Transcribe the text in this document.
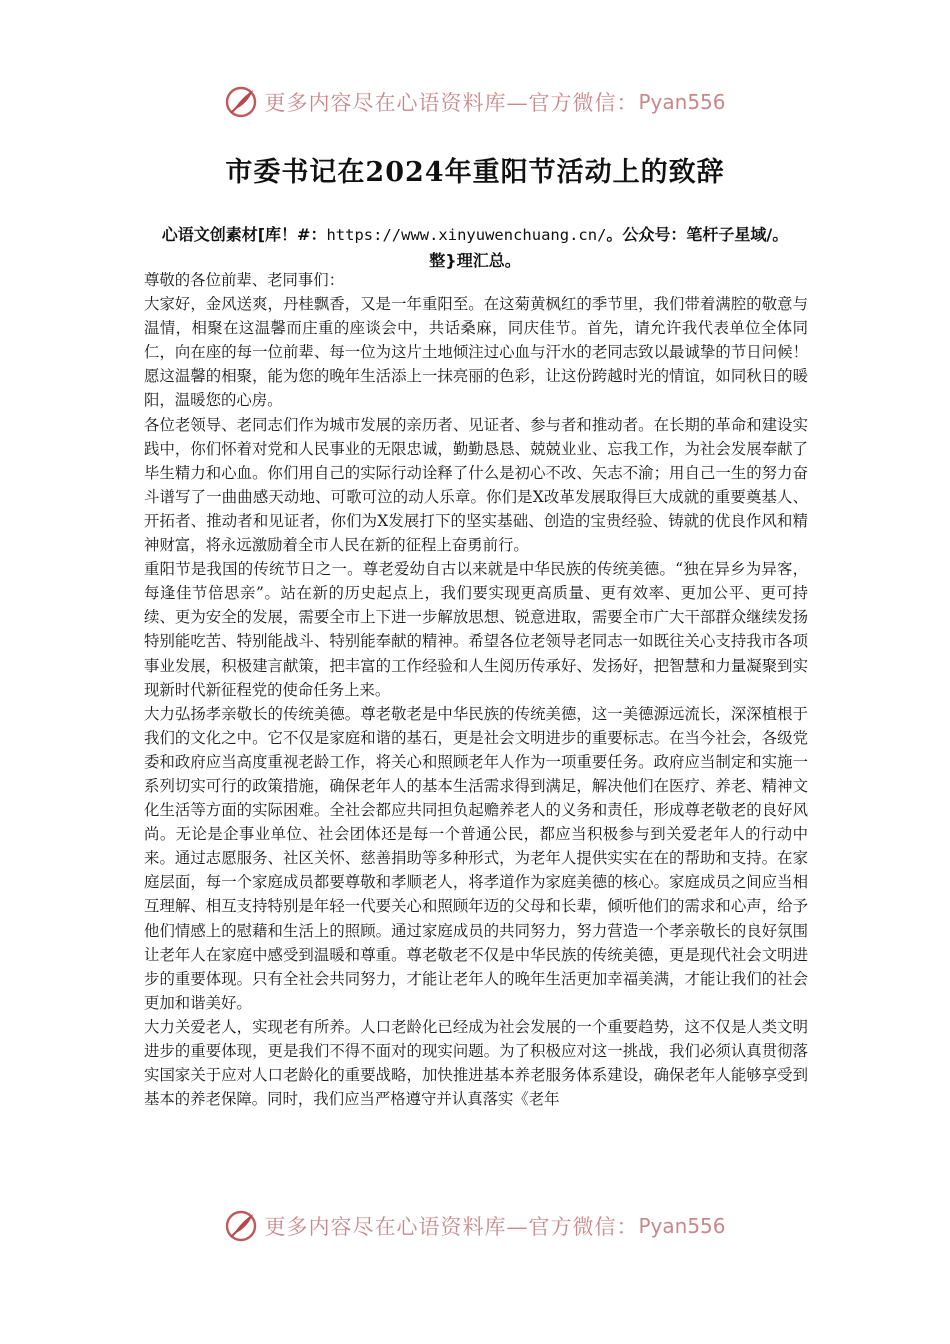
更多内容尽在心语资料库—官方微信： Pyan556
市委书记在2024年重阳节活动上的致辞
心语文创素材[库！#：https://www.xinyuwenchuang.cn/。公众号：笔杆子星域/。整}理汇总。

尊敬的各位前辈、老同事们：

大家好，金风送爽，丹桂飘香，又是一年重阳至。在这菊黄枫红的季节里，我们带着满腔的敬意与温情，相聚在这温馨而庄重的座谈会中，共话桑麻，同庆佳节。首先，请允许我代表单位全体同仁，向在座的每一位前辈、每一位为这片土地倾注过心血与汗水的老同志致以最诚挚的节日问候！愿这温馨的相聚，能为您的晚年生活添上一抹亮丽的色彩，让这份跨越时光的情谊，如同秋日的暖阳，温暖您的心房。

各位老领导、老同志们作为城市发展的亲历者、见证者、参与者和推动者。在长期的革命和建设实践中，你们怀着对党和人民事业的无限忠诚，勤勤恳恳、兢兢业业、忘我工作，为社会发展奉献了毕生精力和心血。你们用自己的实际行动诠释了什么是初心不改、矢志不渝；用自己一生的努力奋斗谱写了一曲曲感天动地、可歌可泣的动人乐章。你们是X改革发展取得巨大成就的重要奠基人、开拓者、推动者和见证者，你们为X发展打下的坚实基础、创造的宝贵经验、铸就的优良作风和精神财富，将永远激励着全市人民在新的征程上奋勇前行。

重阳节是我国的传统节日之一。尊老爱幼自古以来就是中华民族的传统美德。“独在异乡为异客，每逢佳节倍思亲”。站在新的历史起点上，我们要实现更高质量、更有效率、更加公平、更可持续、更为安全的发展，需要全市上下进一步解放思想、锐意进取，需要全市广大干部群众继续发扬特别能吃苦、特别能战斗、特别能奉献的精神。希望各位老领导老同志一如既往关心支持我市各项事业发展，积极建言献策，把丰富的工作经验和人生阅历传承好、发扬好，把智慧和力量凝聚到实现新时代新征程党的使命任务上来。

大力弘扬孝亲敬长的传统美德。尊老敬老是中华民族的传统美德，这一美德源远流长，深深植根于我们的文化之中。它不仅是家庭和谐的基石，更是社会文明进步的重要标志。在当今社会，各级党委和政府应当高度重视老龄工作，将关心和照顾老年人作为一项重要任务。政府应当制定和实施一系列切实可行的政策措施，确保老年人的基本生活需求得到满足，解决他们在医疗、养老、精神文化生活等方面的实际困难。全社会都应共同担负起赡养老人的义务和责任，形成尊老敬老的良好风尚。无论是企事业单位、社会团体还是每一个普通公民，都应当积极参与到关爱老年人的行动中来。通过志愿服务、社区关怀、慈善捐助等多种形式，为老年人提供实实在在的帮助和支持。在家庭层面，每一个家庭成员都要尊敬和孝顺老人，将孝道作为家庭美德的核心。家庭成员之间应当相互理解、相互支持特别是年轻一代要关心和照顾年迈的父母和长辈，倾听他们的需求和心声，给予他们情感上的慰藉和生活上的照顾。通过家庭成员的共同努力，努力营造一个孝亲敬长的良好氛围让老年人在家庭中感受到温暖和尊重。尊老敬老不仅是中华民族的传统美德，更是现代社会文明进步的重要体现。只有全社会共同努力，才能让老年人的晚年生活更加幸福美满，才能让我们的社会更加和谐美好。

大力关爱老人，实现老有所养。人口老龄化已经成为社会发展的一个重要趋势，这不仅是人类文明进步的重要体现，更是我们不得不面对的现实问题。为了积极应对这一挑战，我们必须认真贯彻落实国家关于应对人口老龄化的重要战略，加快推进基本养老服务体系建设，确保老年人能够享受到基本的养老保障。同时，我们应当严格遵守并认真落实《老年

更多内容尽在心语资料库—官方微信： Pyan556
